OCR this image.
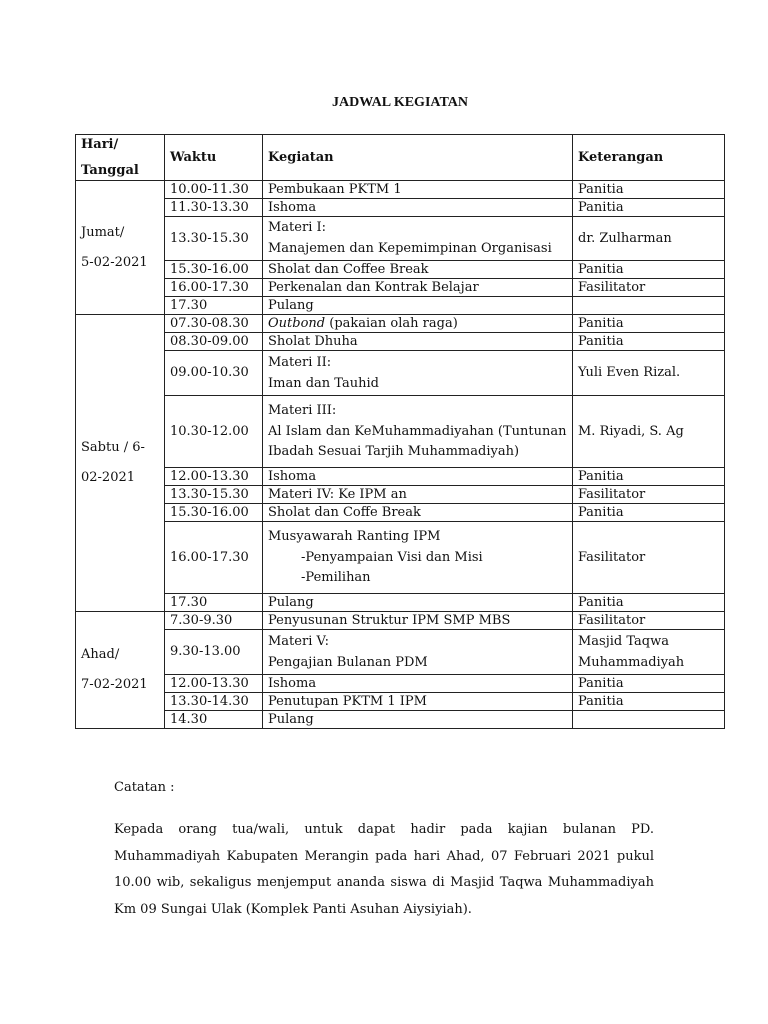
JADWAL KEGIATAN
Hari/
Tanggal	Waktu	Kegiatan	Keterangan

Jumat/
5-02-2021	10.00-11.30	Pembukaan PKTM 1	Panitia
	11.30-13.30	Ishoma	Panitia
	13.30-15.30	Materi I:
Manajemen dan Kepemimpinan Organisasi	dr. Zulharman
	15.30-16.00	Sholat dan Coffee Break	Panitia
	16.00-17.30	Perkenalan dan Kontrak Belajar	Fasilitator
	17.30	Pulang	

Sabtu / 6-
02-2021	07.30-08.30	Outbond (pakaian olah raga)	Panitia
	08.30-09.00	Sholat Dhuha	Panitia
	09.00-10.30	Materi II:
Iman dan Tauhid	Yuli Even Rizal.
	10.30-12.00	Materi III:
Al Islam dan KeMuhammadiyahan (Tuntunan
Ibadah Sesuai Tarjih Muhammadiyah)	M. Riyadi, S. Ag
	12.00-13.30	Ishoma	Panitia
	13.30-15.30	Materi IV: Ke IPM an	Fasilitator
	15.30-16.00	Sholat dan Coffe Break	Panitia
	16.00-17.30	Musyawarah Ranting IPM
-Penyampaian Visi dan Misi
-Pemilihan	Fasilitator
	17.30	Pulang	Panitia

Ahad/
7-02-2021	7.30-9.30	Penyusunan Struktur IPM SMP MBS	Fasilitator
	9.30-13.00	Materi V:
Pengajian Bulanan PDM	Masjid Taqwa
Muhammadiyah

	12.00-13.30	Ishoma	Panitia
	13.30-14.30	Penutupan PKTM 1 IPM	Panitia
	14.30	Pulang	
Catatan :
Kepada orang tua/wali, untuk dapat hadir pada kajian bulanan PD. Muhammadiyah Kabupaten Merangin pada hari Ahad, 07 Februari 2021 pukul 10.00 wib, sekaligus menjemput ananda siswa di Masjid Taqwa Muhammadiyah Km 09 Sungai Ulak (Komplek Panti Asuhan Aiysiyiah).
